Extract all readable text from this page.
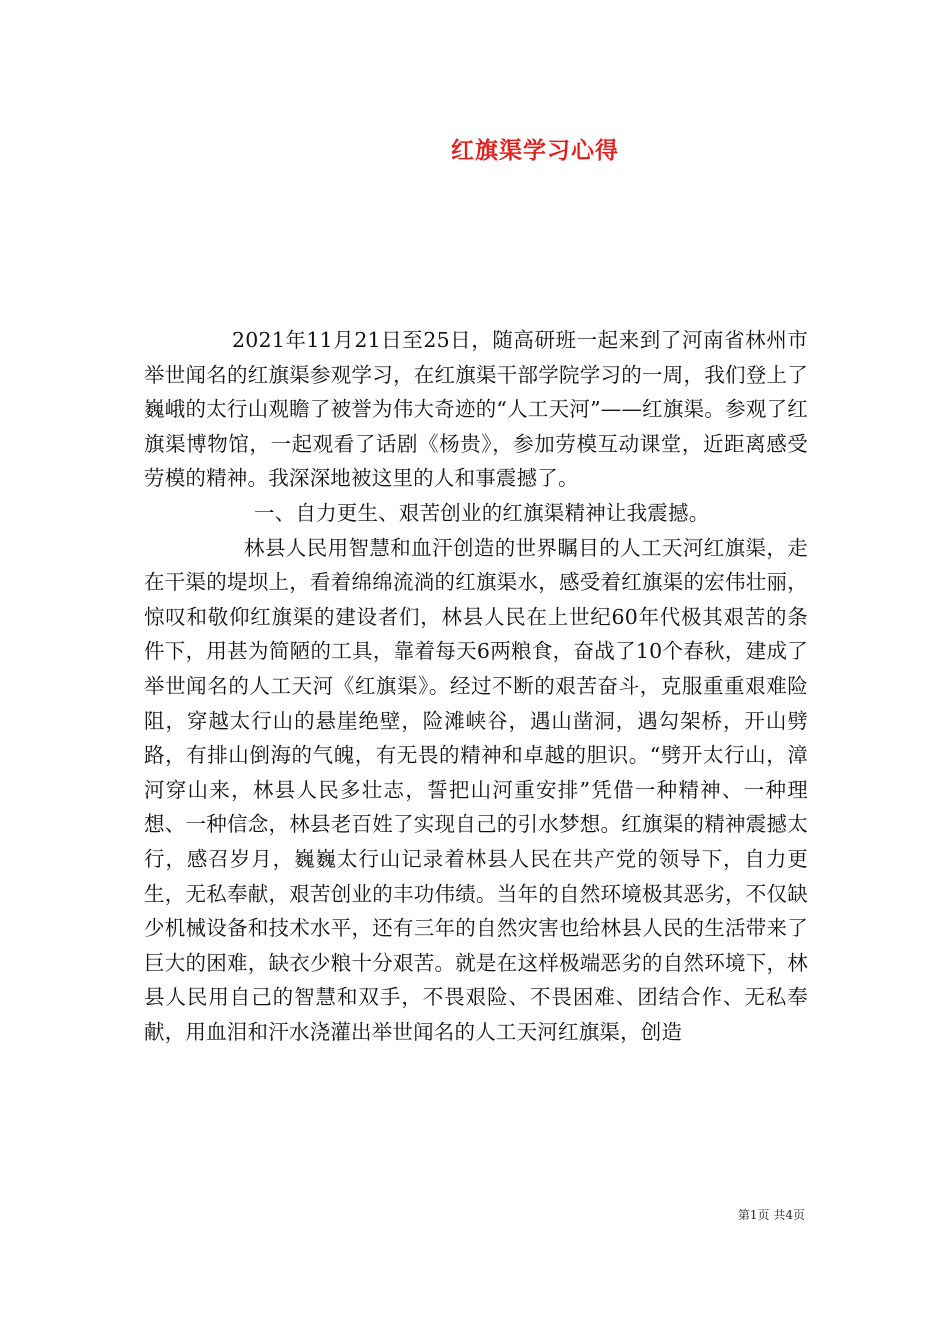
红旗渠学习心得

2021年11月21日至25日，随高研班一起来到了河南省林州市举世闻名的红旗渠参观学习，在红旗渠干部学院学习的一周，我们登上了巍峨的太行山观瞻了被誉为伟大奇迹的“人工天河”——红旗渠。参观了红旗渠博物馆，一起观看了话剧《杨贵》，参加劳模互动课堂，近距离感受劳模的精神。我深深地被这里的人和事震撼了。

一、自力更生、艰苦创业的红旗渠精神让我震撼。

林县人民用智慧和血汗创造的世界瞩目的人工天河红旗渠，走在干渠的堤坝上，看着绵绵流淌的红旗渠水，感受着红旗渠的宏伟壮丽，惊叹和敬仰红旗渠的建设者们，林县人民在上世纪60年代极其艰苦的条件下，用甚为简陋的工具，靠着每天6两粮食，奋战了10个春秋，建成了举世闻名的人工天河《红旗渠》。经过不断的艰苦奋斗，克服重重艰难险阻，穿越太行山的悬崖绝壁，险滩峡谷，遇山凿洞，遇勾架桥，开山劈路，有排山倒海的气魄，有无畏的精神和卓越的胆识。“劈开太行山，漳河穿山来，林县人民多壮志，誓把山河重安排”凭借一种精神、一种理想、一种信念，林县老百姓了实现自己的引水梦想。红旗渠的精神震撼太行，感召岁月，巍巍太行山记录着林县人民在共产党的领导下，自力更生，无私奉献，艰苦创业的丰功伟绩。当年的自然环境极其恶劣，不仅缺少机械设备和技术水平，还有三年的自然灾害也给林县人民的生活带来了巨大的困难，缺衣少粮十分艰苦。就是在这样极端恶劣的自然环境下，林县人民用自己的智慧和双手，不畏艰险、不畏困难、团结合作、无私奉献，用血泪和汗水浇灌出举世闻名的人工天河红旗渠，创造

第1页 共4页
